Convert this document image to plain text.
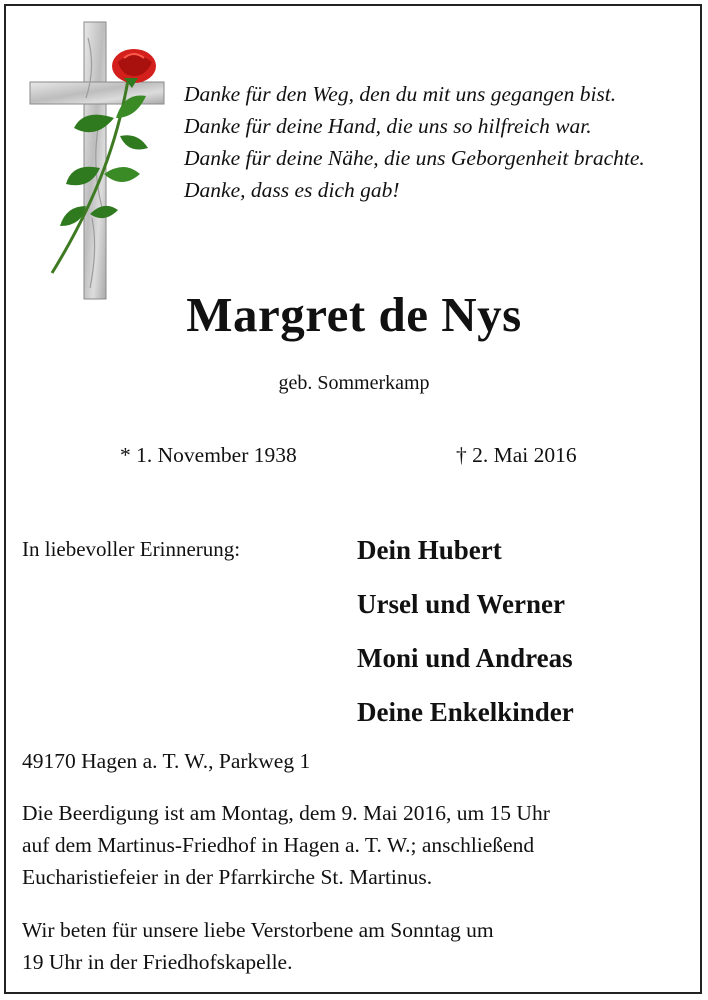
Danke für den Weg, den du mit uns gegangen bist.
Danke für deine Hand, die uns so hilfreich war.
Danke für deine Nähe, die uns Geborgenheit brachte.
Danke, dass es dich gab!
Margret de Nys
geb. Sommerkamp
* 1. November 1938	† 2. Mai 2016
In liebevoller Erinnerung:	Dein Hubert
Ursel und Werner
Moni und Andreas
Deine Enkelkinder
49170 Hagen a. T. W., Parkweg 1
Die Beerdigung ist am Montag, dem 9. Mai 2016, um 15 Uhr
auf dem Martinus-Friedhof in Hagen a. T. W.; anschließend
Eucharistiefeier in der Pfarrkirche St. Martinus.
Wir beten für unsere liebe Verstorbene am Sonntag um
19 Uhr in der Friedhofskapelle.
